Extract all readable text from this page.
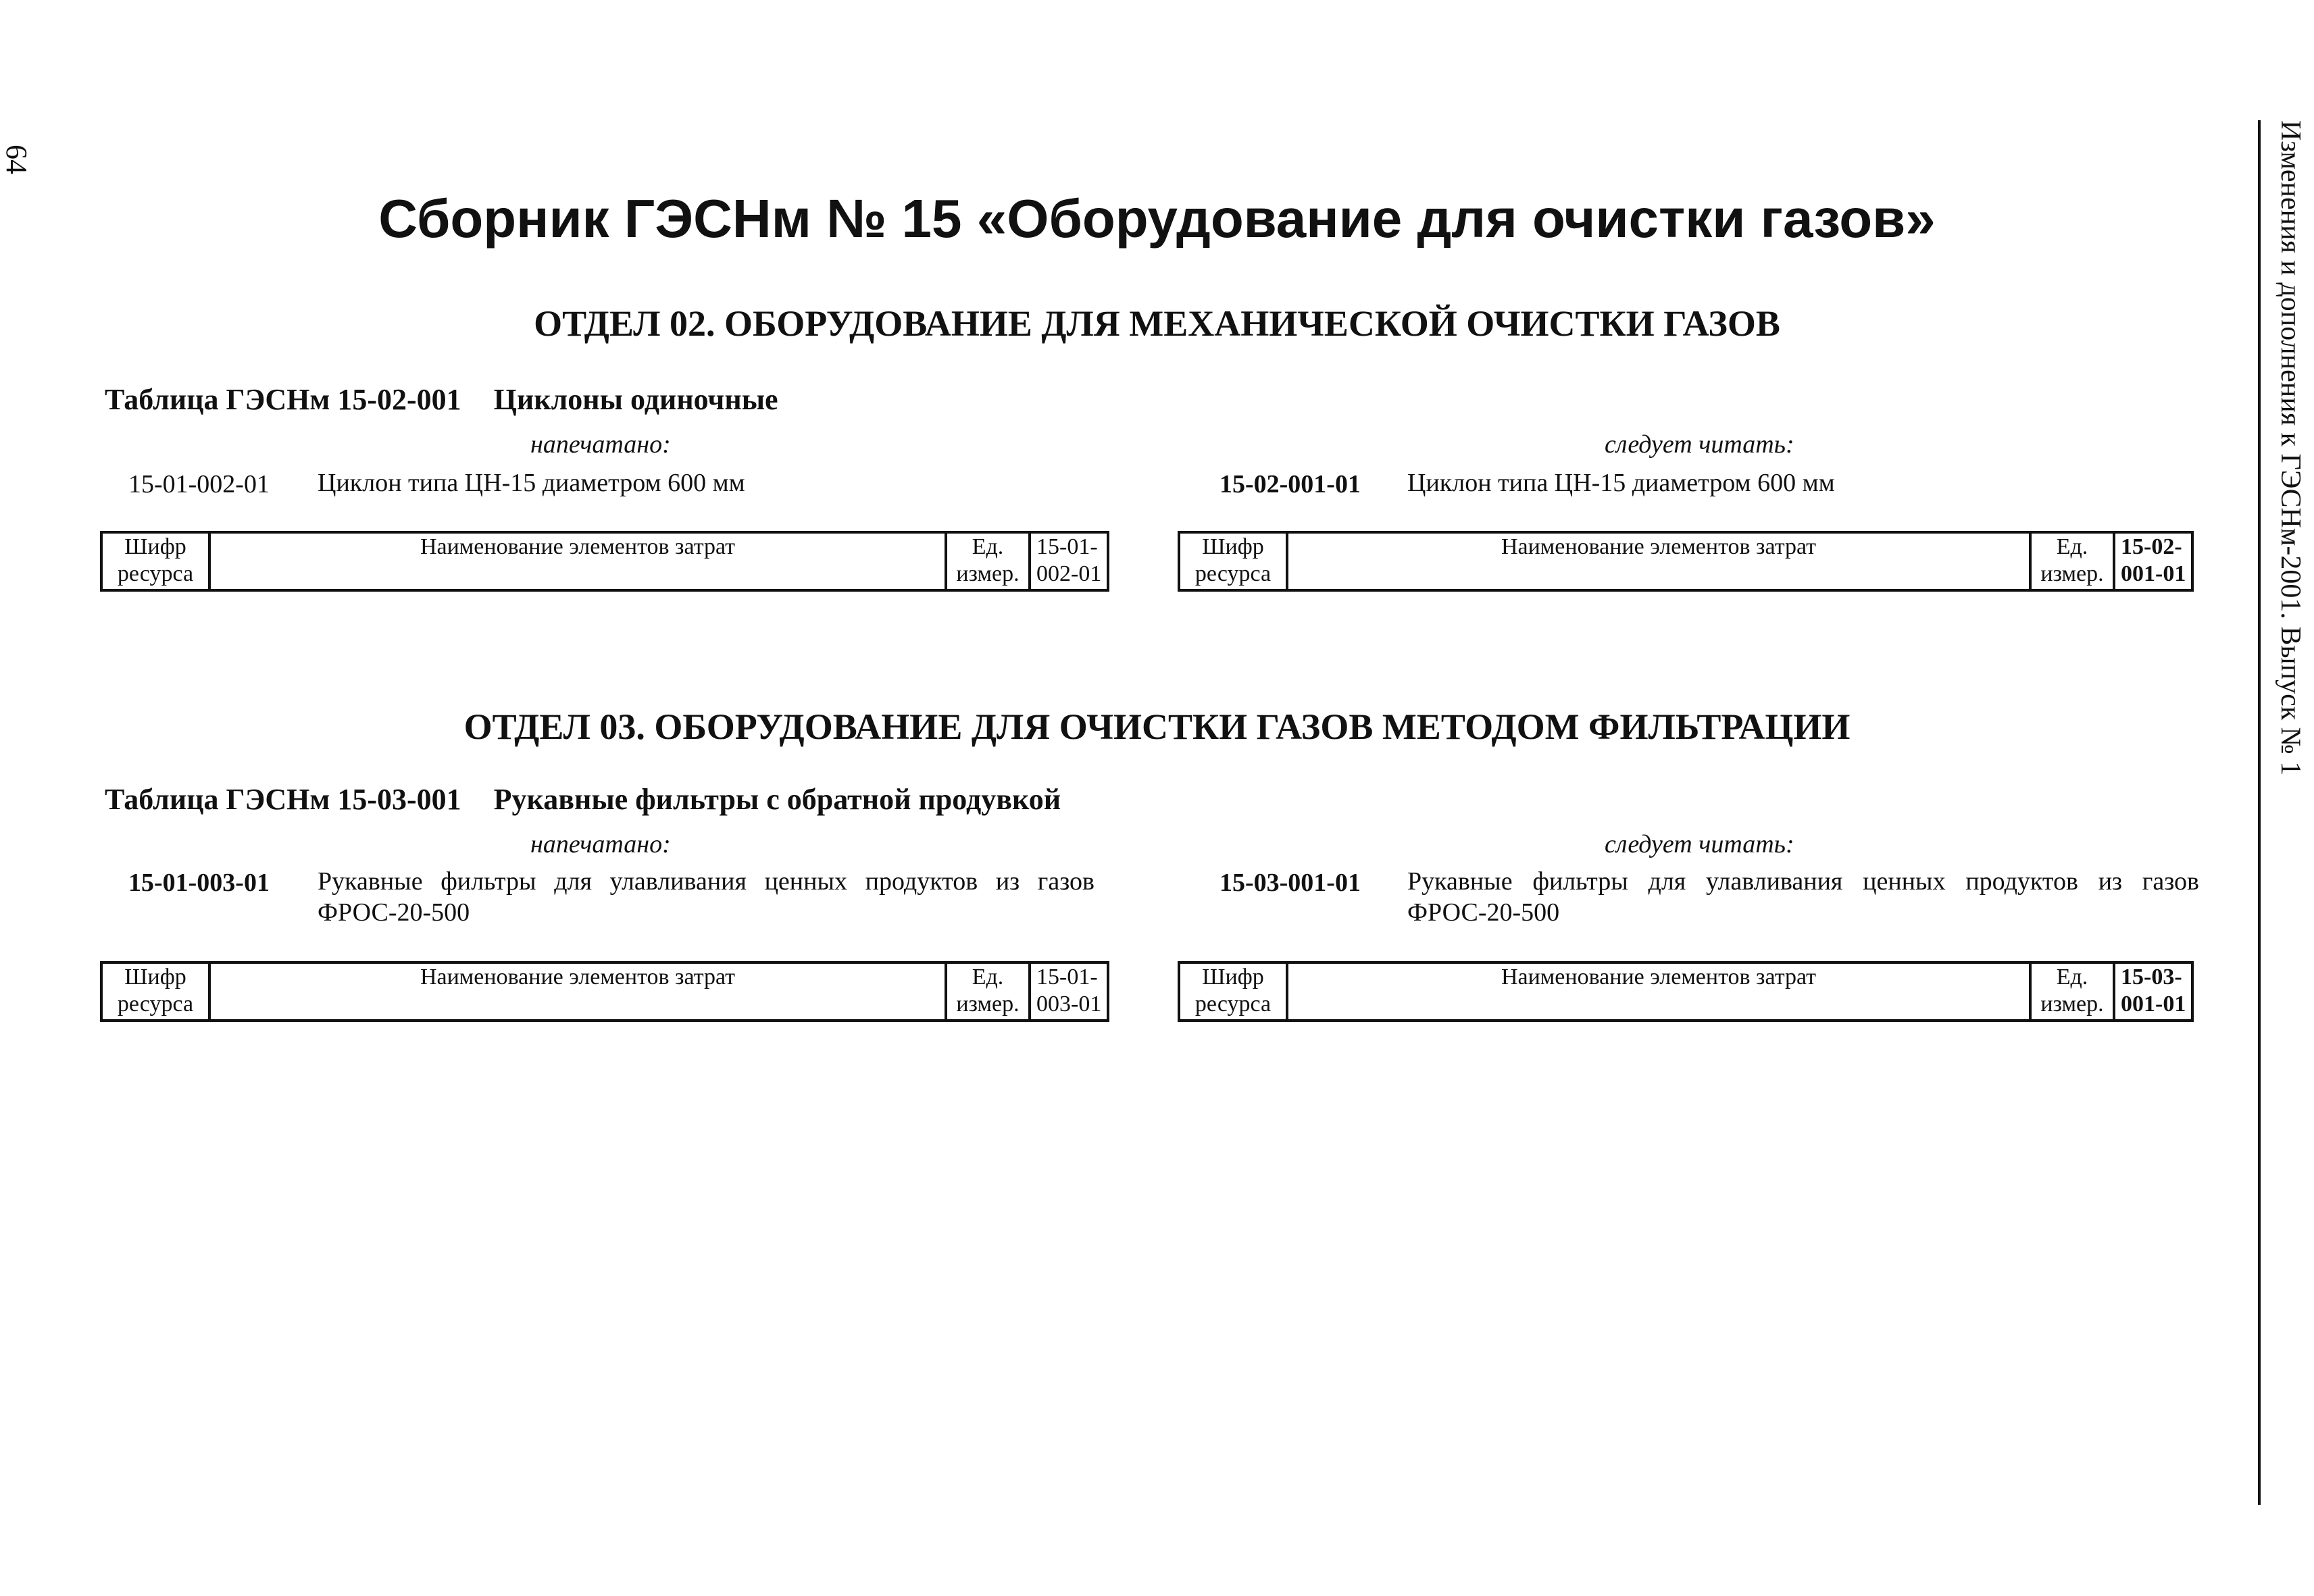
64	Изменения и дополнения к ГЭСНм-2001. Выпуск № 1
Сборник ГЭСНм № 15 «Оборудование для очистки газов»
ОТДЕЛ 02. ОБОРУДОВАНИЕ ДЛЯ МЕХАНИЧЕСКОЙ ОЧИСТКИ ГАЗОВ
Таблица ГЭСНм 15-02-001 Циклоны одиночные
напечатано:	следует читать:
15-01-002-01 Циклон типа ЦН-15 диаметром 600 мм	15-02-001-01 Циклон типа ЦН-15 диаметром 600 мм
Шифр ресурса	Наименование элементов затрат	Ед. измер.	15-01-002-01
Шифр ресурса	Наименование элементов затрат	Ед. измер.	15-02-001-01
ОТДЕЛ 03. ОБОРУДОВАНИЕ ДЛЯ ОЧИСТКИ ГАЗОВ МЕТОДОМ ФИЛЬТРАЦИИ
Таблица ГЭСНм 15-03-001 Рукавные фильтры с обратной продувкой
напечатано:	следует читать:
15-01-003-01 Рукавные фильтры для улавливания ценных продуктов из газов ФРОС-20-500
15-03-001-01 Рукавные фильтры для улавливания ценных продуктов из газов ФРОС-20-500
Шифр ресурса	Наименование элементов затрат	Ед. измер.	15-01-003-01
Шифр ресурса	Наименование элементов затрат	Ед. измер.	15-03-001-01
